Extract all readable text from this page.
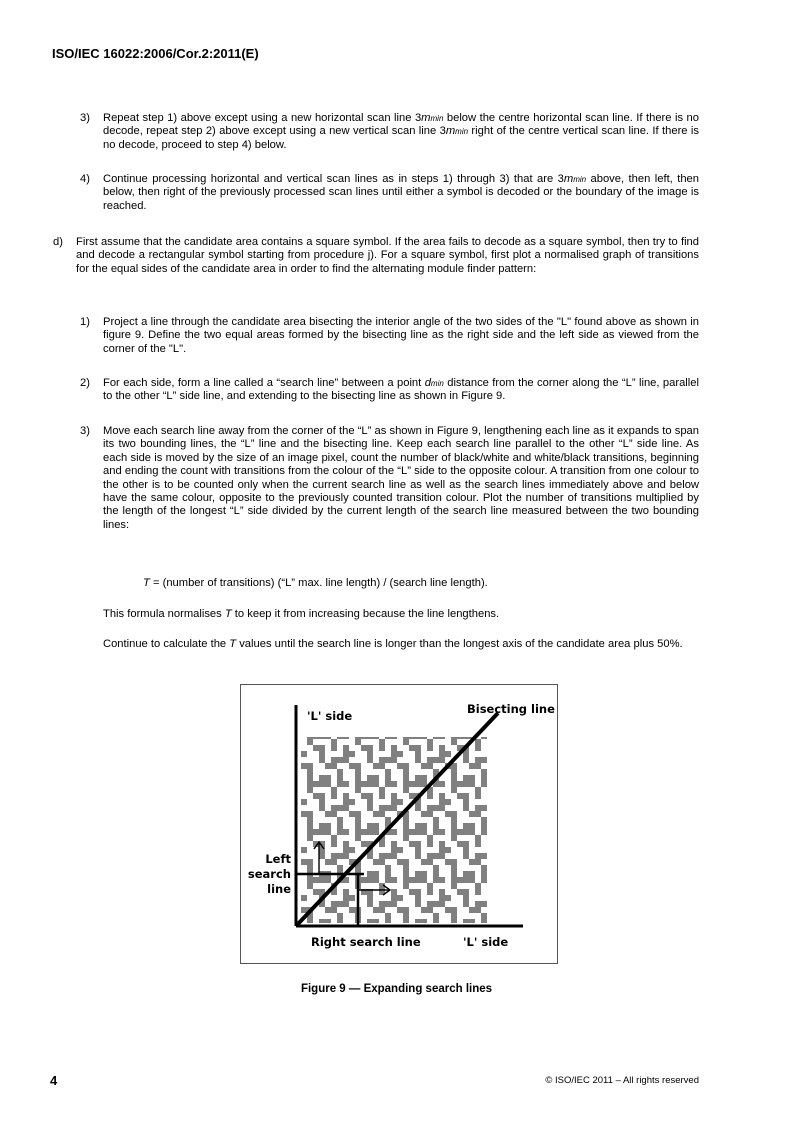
ISO/IEC 16022:2006/Cor.2:2011(E)
3) Repeat step 1) above except using a new horizontal scan line 3mmin below the centre horizontal scan line. If there is no decode, repeat step 2) above except using a new vertical scan line 3mmin right of the centre vertical scan line. If there is no decode, proceed to step 4) below.
4) Continue processing horizontal and vertical scan lines as in steps 1) through 3) that are 3mmin above, then left, then below, then right of the previously processed scan lines until either a symbol is decoded or the boundary of the image is reached.
d) First assume that the candidate area contains a square symbol. If the area fails to decode as a square symbol, then try to find and decode a rectangular symbol starting from procedure j). For a square symbol, first plot a normalised graph of transitions for the equal sides of the candidate area in order to find the alternating module finder pattern:
1) Project a line through the candidate area bisecting the interior angle of the two sides of the "L" found above as shown in figure 9. Define the two equal areas formed by the bisecting line as the right side and the left side as viewed from the corner of the "L".
2) For each side, form a line called a “search line” between a point dmin distance from the corner along the “L” line, parallel to the other “L” side line, and extending to the bisecting line as shown in Figure 9.
3) Move each search line away from the corner of the “L” as shown in Figure 9, lengthening each line as it expands to span its two bounding lines, the “L” line and the bisecting line. Keep each search line parallel to the other “L” side line. As each side is moved by the size of an image pixel, count the number of black/white and white/black transitions, beginning and ending the count with transitions from the colour of the “L” side to the opposite colour. A transition from one colour to the other is to be counted only when the current search line as well as the search lines immediately above and below have the same colour, opposite to the previously counted transition colour. Plot the number of transitions multiplied by the length of the longest “L” side divided by the current length of the search line measured between the two bounding lines:
T = (number of transitions) (“L” max. line length) / (search line length).
This formula normalises T to keep it from increasing because the line lengthens.
Continue to calculate the T values until the search line is longer than the longest axis of the candidate area plus 50%.
'L' side	Bisecting line
Left
search
line
Right search line	'L' side
Figure 9 — Expanding search lines
4	© ISO/IEC 2011 – All rights reserved
